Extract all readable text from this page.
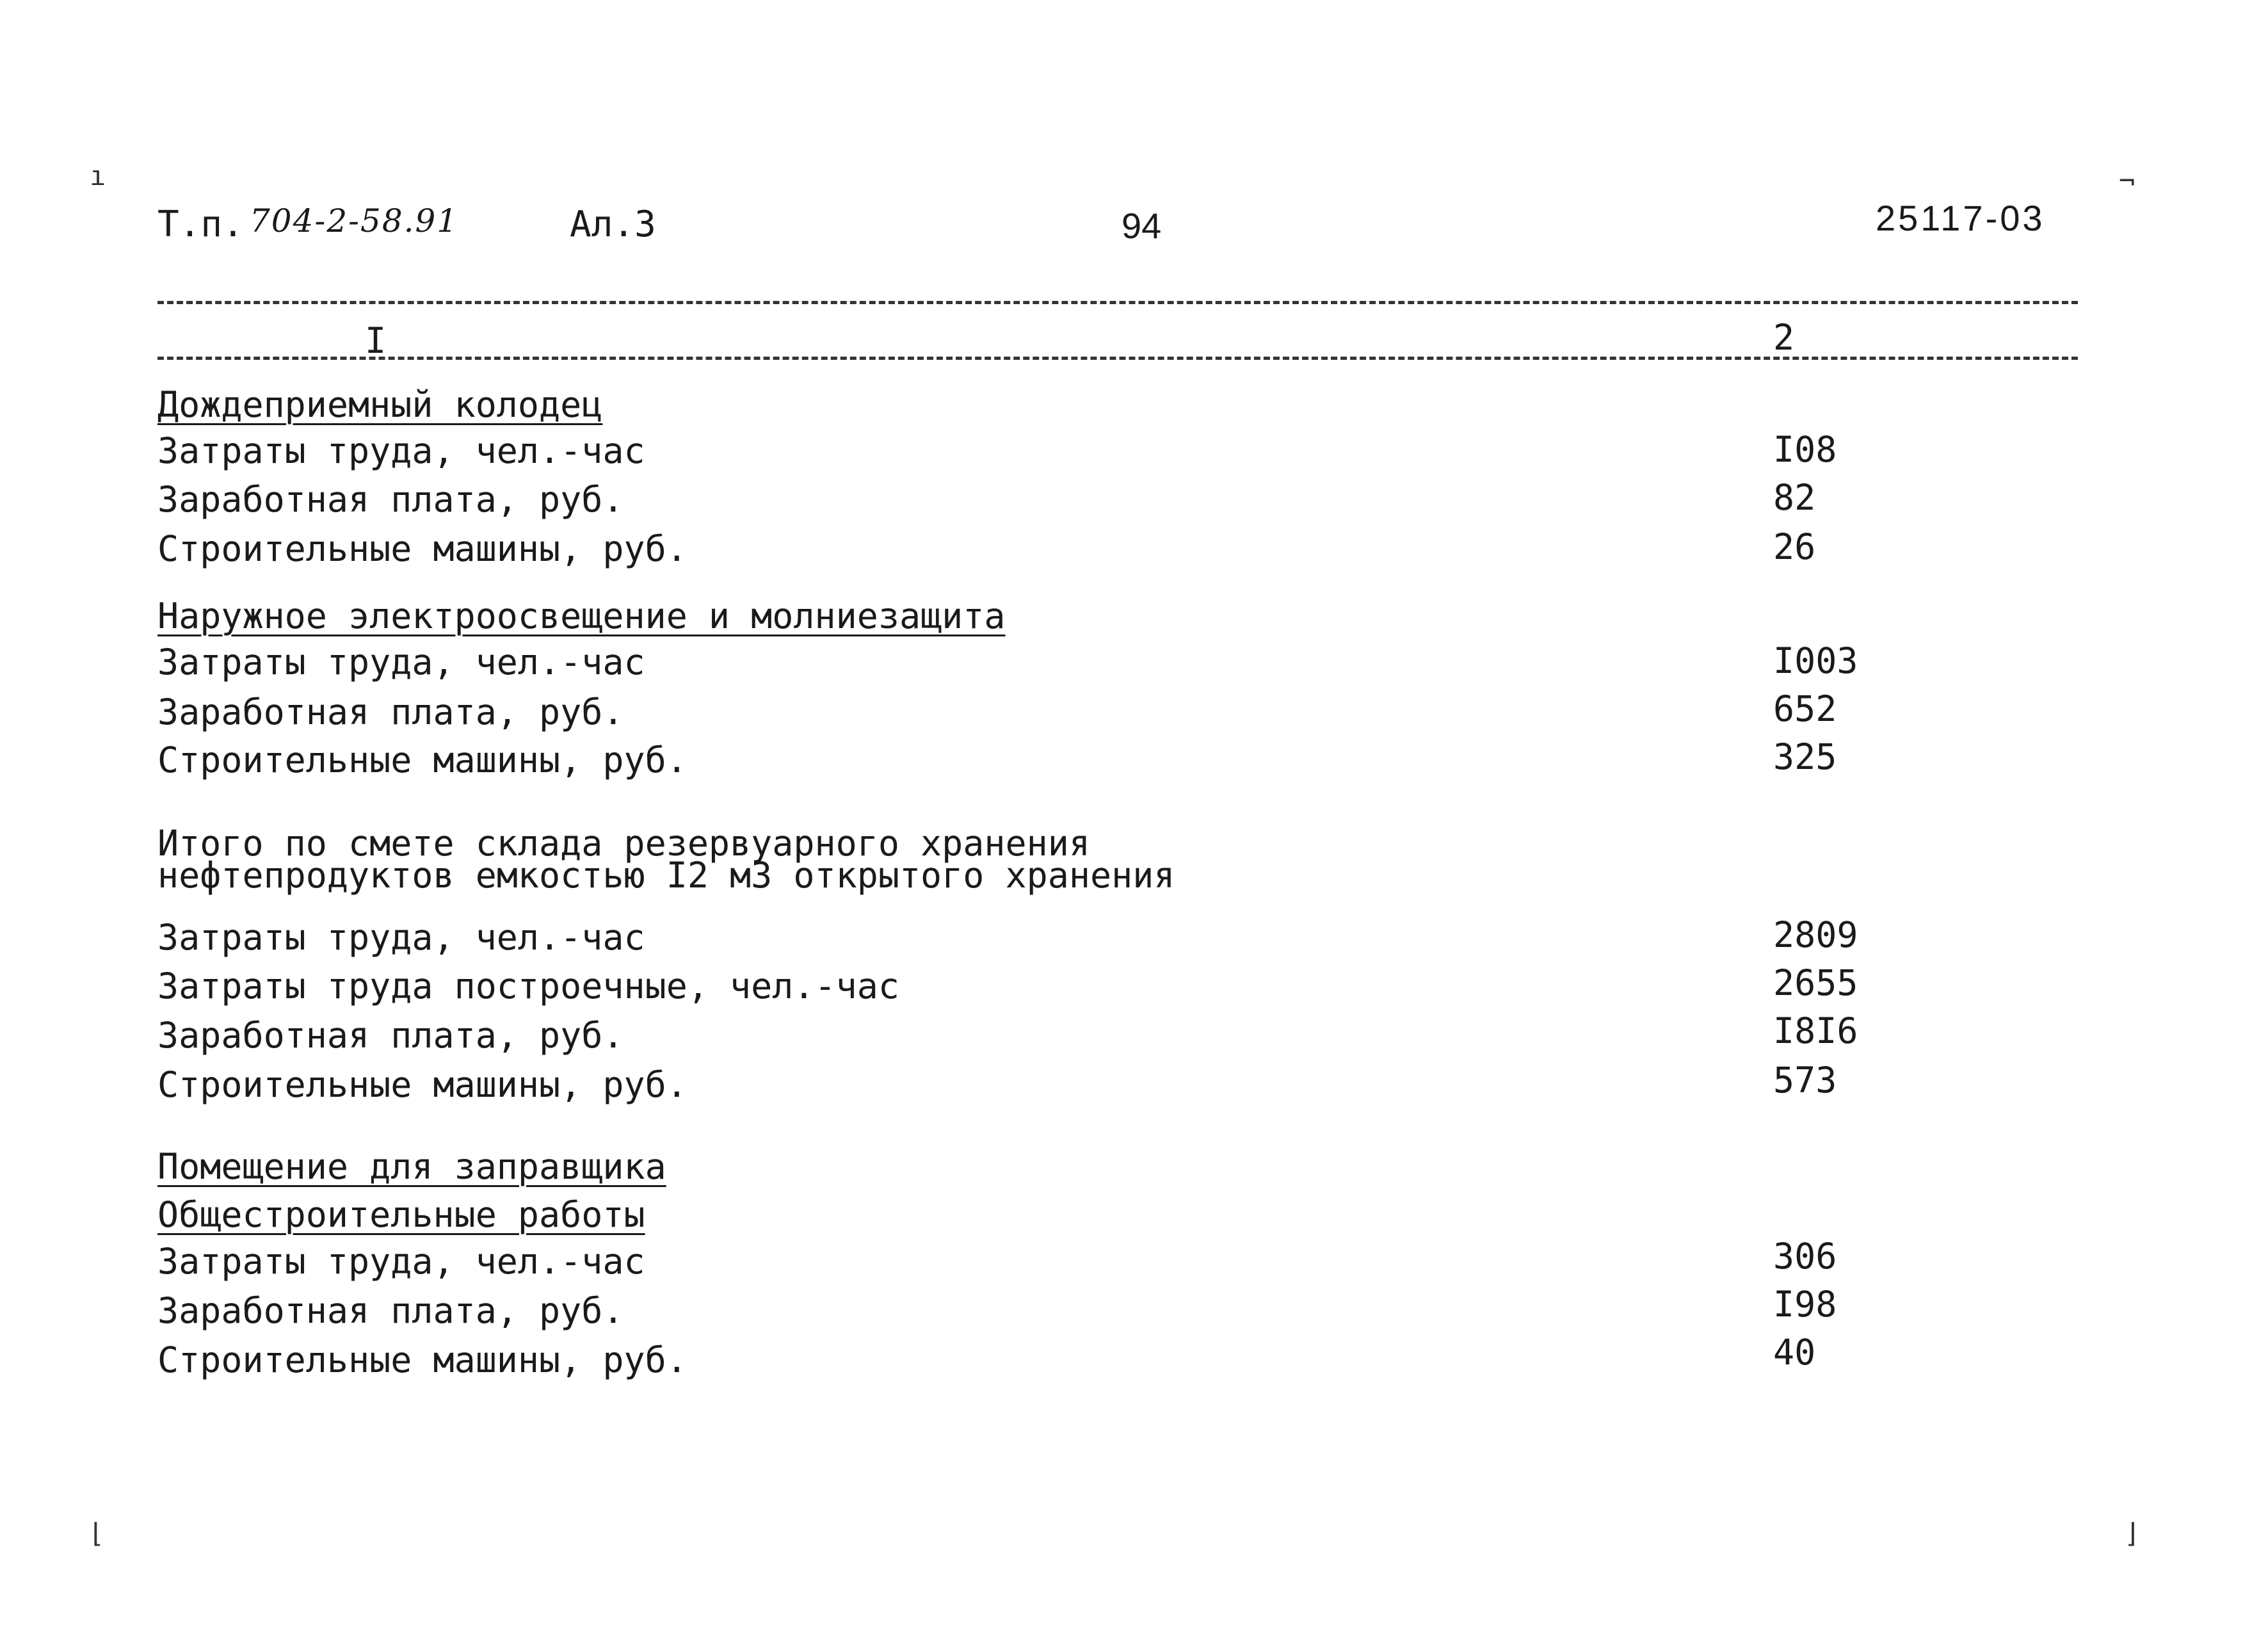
ı	¬
⌊	⌋
Т.п. 704-2-58.91	Ал.3	94	25117-03
I	2
Дождеприемный колодец
Затраты труда, чел.-час	I08
Заработная плата, руб.	82
Строительные машины, руб.	26
Наружное электроосвещение и молниезащита
Затраты труда, чел.-час	I003
Заработная плата, руб.	652
Строительные машины, руб.	325
Итого по смете склада резервуарного хранения
нефтепродуктов емкостью I2 м3 открытого хранения
Затраты труда, чел.-час	2809
Затраты труда построечные, чел.-час	2655
Заработная плата, руб.	I8I6
Строительные машины, руб.	573
Помещение для заправщика
Общестроительные работы
Затраты труда, чел.-час	306
Заработная плата, руб.	I98
Строительные машины, руб.	40
